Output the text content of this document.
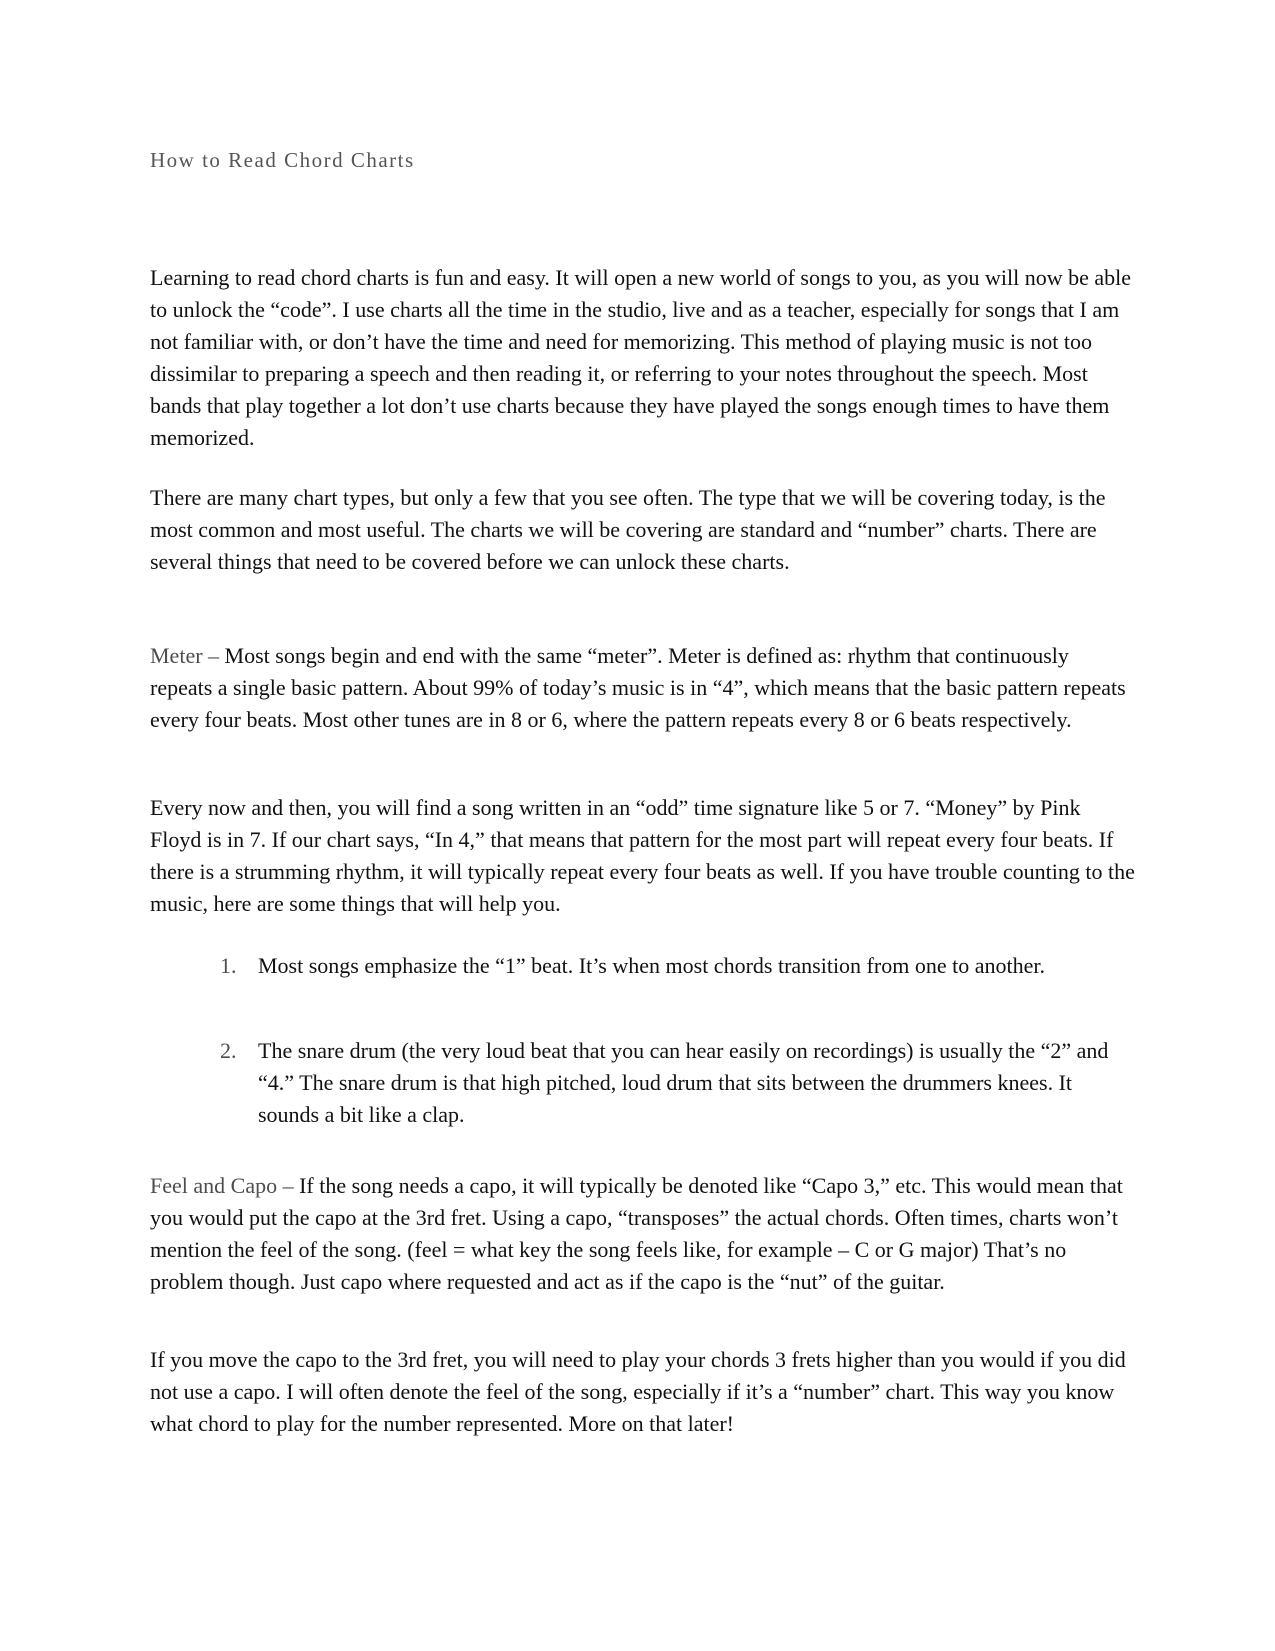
How to Read Chord Charts

Learning to read chord charts is fun and easy. It will open a new world of songs to you, as you will now be able to unlock the “code”. I use charts all the time in the studio, live and as a teacher, especially for songs that I am not familiar with, or don’t have the time and need for memorizing. This method of playing music is not too dissimilar to preparing a speech and then reading it, or referring to your notes throughout the speech. Most bands that play together a lot don’t use charts because they have played the songs enough times to have them memorized.

There are many chart types, but only a few that you see often. The type that we will be covering today, is the most common and most useful. The charts we will be covering are standard and “number” charts. There are several things that need to be covered before we can unlock these charts.

Meter – Most songs begin and end with the same “meter”. Meter is defined as: rhythm that continuously repeats a single basic pattern. About 99% of today’s music is in “4”, which means that the basic pattern repeats every four beats. Most other tunes are in 8 or 6, where the pattern repeats every 8 or 6 beats respectively.

Every now and then, you will find a song written in an “odd” time signature like 5 or 7. “Money” by Pink Floyd is in 7. If our chart says, “In 4,” that means that pattern for the most part will repeat every four beats. If there is a strumming rhythm, it will typically repeat every four beats as well. If you have trouble counting to the music, here are some things that will help you.

1. Most songs emphasize the “1” beat. It’s when most chords transition from one to another.
2. The snare drum (the very loud beat that you can hear easily on recordings) is usually the “2” and “4.” The snare drum is that high pitched, loud drum that sits between the drummers knees. It sounds a bit like a clap.

Feel and Capo – If the song needs a capo, it will typically be denoted like “Capo 3,” etc. This would mean that you would put the capo at the 3rd fret. Using a capo, “transposes” the actual chords. Often times, charts won’t mention the feel of the song. (feel = what key the song feels like, for example – C or G major) That’s no problem though. Just capo where requested and act as if the capo is the “nut” of the guitar.

If you move the capo to the 3rd fret, you will need to play your chords 3 frets higher than you would if you did not use a capo. I will often denote the feel of the song, especially if it’s a “number” chart. This way you know what chord to play for the number represented. More on that later!
